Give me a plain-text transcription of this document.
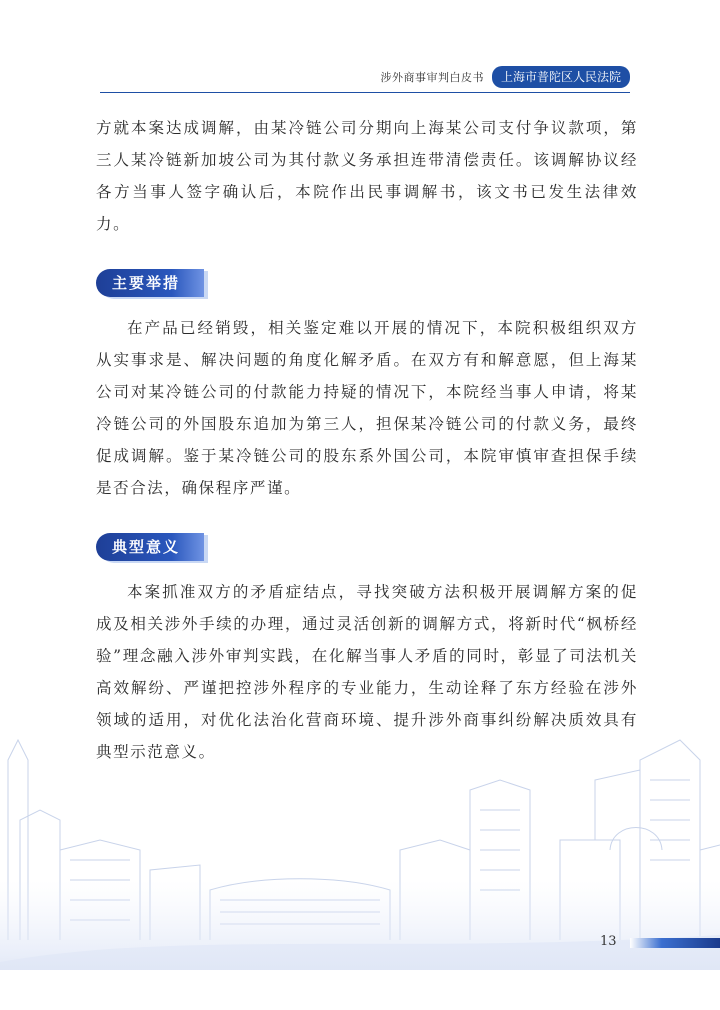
涉外商事审判白皮书	上海市普陀区人民法院

方就本案达成调解，由某冷链公司分期向上海某公司支付争议款项，第三人某冷链新加坡公司为其付款义务承担连带清偿责任。该调解协议经各方当事人签字确认后，本院作出民事调解书，该文书已发生法律效力。

主要举措

在产品已经销毁，相关鉴定难以开展的情况下，本院积极组织双方从实事求是、解决问题的角度化解矛盾。在双方有和解意愿，但上海某公司对某冷链公司的付款能力持疑的情况下，本院经当事人申请，将某冷链公司的外国股东追加为第三人，担保某冷链公司的付款义务，最终促成调解。鉴于某冷链公司的股东系外国公司，本院审慎审查担保手续是否合法，确保程序严谨。

典型意义

本案抓准双方的矛盾症结点，寻找突破方法积极开展调解方案的促成及相关涉外手续的办理，通过灵活创新的调解方式，将新时代“枫桥经验”理念融入涉外审判实践，在化解当事人矛盾的同时，彰显了司法机关高效解纷、严谨把控涉外程序的专业能力，生动诠释了东方经验在涉外领域的适用，对优化法治化营商环境、提升涉外商事纠纷解决质效具有典型示范意义。

13
